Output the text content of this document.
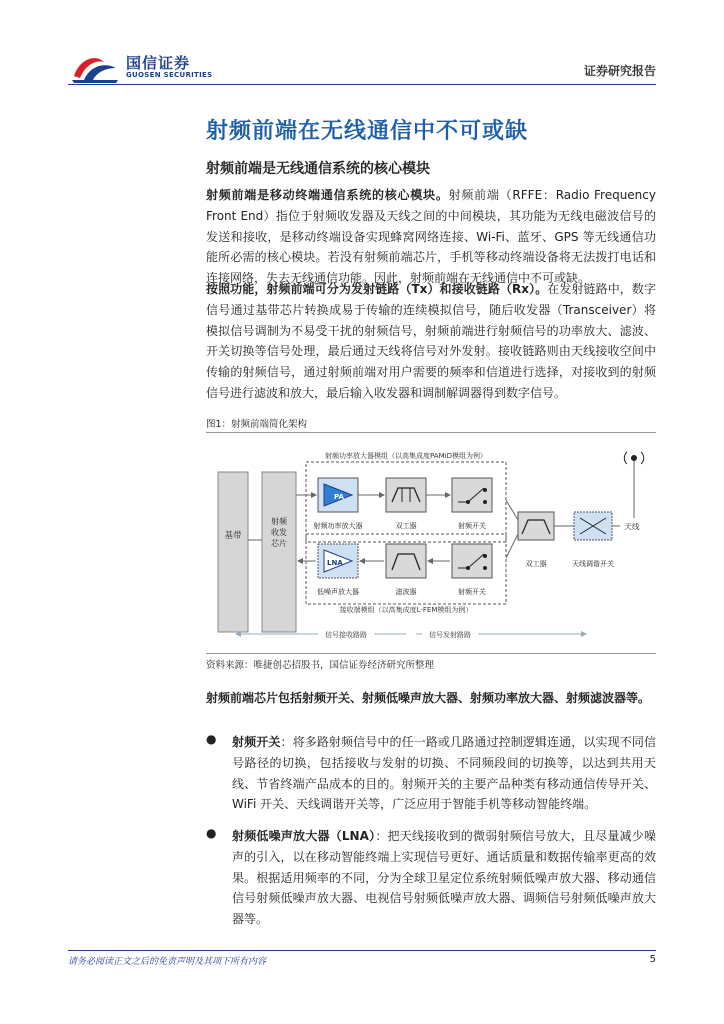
国信证券
GUOSEN SECURITIES	证券研究报告
射频前端在无线通信中不可或缺
射频前端是无线通信系统的核心模块
射频前端是移动终端通信系统的核心模块。射频前端（RFFE：Radio Frequency Front End）指位于射频收发器及天线之间的中间模块，其功能为无线电磁波信号的发送和接收，是移动终端设备实现蜂窝网络连接、Wi-Fi、蓝牙、GPS 等无线通信功能所必需的核心模块。若没有射频前端芯片，手机等移动终端设备将无法拨打电话和连接网络，失去无线通信功能。因此，射频前端在无线通信中不可或缺。
按照功能，射频前端可分为发射链路（Tx）和接收链路（Rx）。在发射链路中，数字信号通过基带芯片转换成易于传输的连续模拟信号，随后收发器（Transceiver）将模拟信号调制为不易受干扰的射频信号，射频前端进行射频信号的功率放大、滤波、开关切换等信号处理，最后通过天线将信号对外发射。接收链路则由天线接收空间中传输的射频信号，通过射频前端对用户需要的频率和信道进行选择，对接收到的射频信号进行滤波和放大，最后输入收发器和调制解调器得到数字信号。
图1：射频前端简化架构
基带
射频
收发
芯片
射频功率放大器模组（以高集成度PAMiD模组为例）
接收端模组（以高集成度L-FEM模组为例）
PA
射频功率放大器	双工器	射频开关
LNA
低噪声放大器	滤波器	射频开关
双工器	天线调谐开关
天线
信号接收路路	信号发射路路
资料来源：唯捷创芯招股书，国信证券经济研究所整理
射频前端芯片包括射频开关、射频低噪声放大器、射频功率放大器、射频滤波器等。
● 射频开关：将多路射频信号中的任一路或几路通过控制逻辑连通，以实现不同信号路径的切换，包括接收与发射的切换、不同频段间的切换等，以达到共用天线、节省终端产品成本的目的。射频开关的主要产品种类有移动通信传导开关、WiFi 开关、天线调谐开关等，广泛应用于智能手机等移动智能终端。
● 射频低噪声放大器（LNA）：把天线接收到的微弱射频信号放大，且尽量减少噪声的引入，以在移动智能终端上实现信号更好、通话质量和数据传输率更高的效果。根据适用频率的不同，分为全球卫星定位系统射频低噪声放大器、移动通信信号射频低噪声放大器、电视信号射频低噪声放大器、调频信号射频低噪声放大器等。
请务必阅读正文之后的免责声明及其项下所有内容	5
